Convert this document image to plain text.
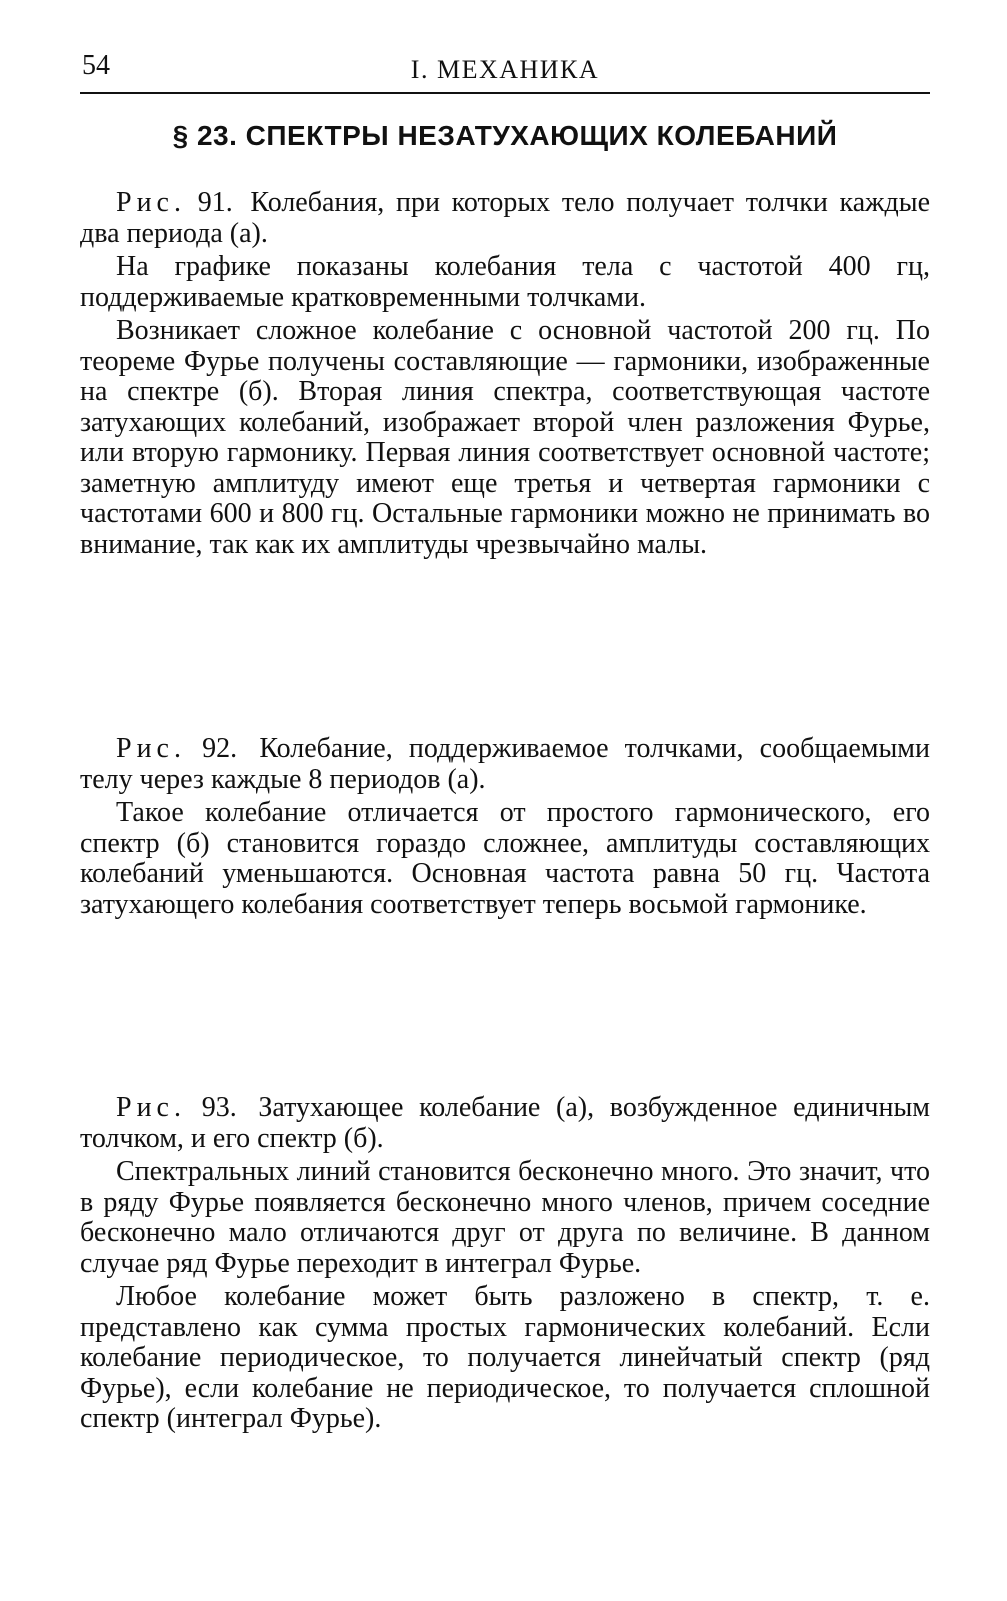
54	I. МЕХАНИКА
§ 23. СПЕКТРЫ НЕЗАТУХАЮЩИХ КОЛЕБАНИЙ

Рис. 91. Колебания, при которых тело получает толчки каждые два периода (а).

На графике показаны колебания тела с частотой 400 гц, поддерживаемые кратковременными толчками.

Возникает сложное колебание с основной частотой 200 гц. По теореме Фурье получены составляющие — гармоники, изображенные на спектре (б). Вторая линия спектра, соответствующая частоте затухающих колебаний, изображает второй член разложения Фурье, или вторую гармонику. Первая линия соответствует основной частоте; заметную амплитуду имеют еще третья и четвертая гармоники с частотами 600 и 800 гц. Остальные гармоники можно не принимать во внимание, так как их амплитуды чрезвычайно малы.

Рис. 92. Колебание, поддерживаемое толчками, сообщаемыми телу через каждые 8 периодов (а).

Такое колебание отличается от простого гармонического, его спектр (б) становится гораздо сложнее, амплитуды составляющих колебаний уменьшаются. Основная частота равна 50 гц. Частота затухающего колебания соответствует теперь восьмой гармонике.

Рис. 93. Затухающее колебание (а), возбужденное единичным толчком, и его спектр (б).

Спектральных линий становится бесконечно много. Это значит, что в ряду Фурье появляется бесконечно много членов, причем соседние бесконечно мало отличаются друг от друга по величине. В данном случае ряд Фурье переходит в интеграл Фурье.

Любое колебание может быть разложено в спектр, т. е. представлено как сумма простых гармонических колебаний. Если колебание периодическое, то получается линейчатый спектр (ряд Фурье), если колебание не периодическое, то получается сплошной спектр (интеграл Фурье).
